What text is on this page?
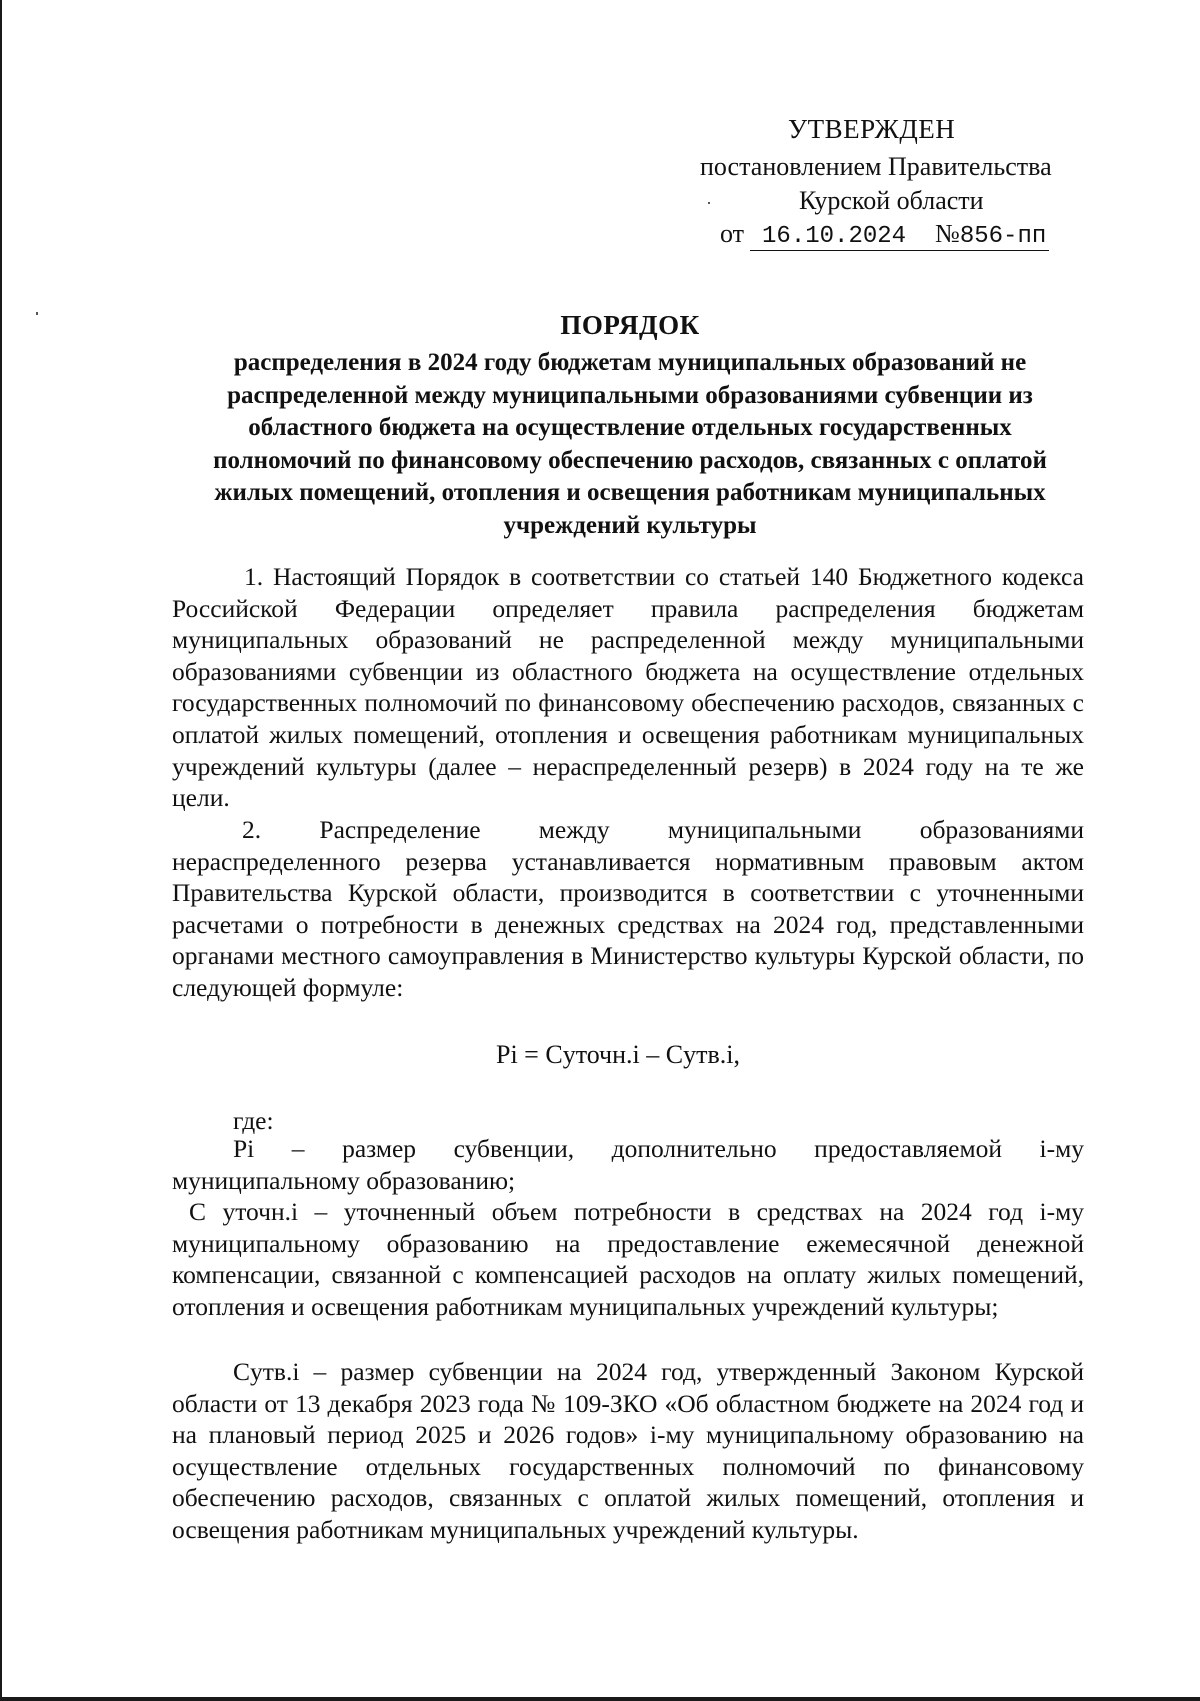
УТВЕРЖДЕН
постановлением Правительства
Курской области
от 16.10.2024 №856-пп
ПОРЯДОК
распределения в 2024 году бюджетам муниципальных образований не распределенной между муниципальными образованиями субвенции из областного бюджета на осуществление отдельных государственных полномочий по финансовому обеспечению расходов, связанных с оплатой жилых помещений, отопления и освещения работникам муниципальных учреждений культуры
1. Настоящий Порядок в соответствии со статьей 140 Бюджетного кодекса Российской Федерации определяет правила распределения бюджетам муниципальных образований не распределенной между муниципальными образованиями субвенции из областного бюджета на осуществление отдельных государственных полномочий по финансовому обеспечению расходов, связанных с оплатой жилых помещений, отопления и освещения работникам муниципальных учреждений культуры (далее – нераспределенный резерв) в 2024 году на те же цели.
2. Распределение между муниципальными образованиями нераспределенного резерва устанавливается нормативным правовым актом Правительства Курской области, производится в соответствии с уточненными расчетами о потребности в денежных средствах на 2024 год, представленными органами местного самоуправления в Министерство культуры Курской области, по следующей формуле:
Pi = Cуточн.i – Cутв.i,
где:
Pi – размер субвенции, дополнительно предоставляемой i-му муниципальному образованию;
C уточн.i – уточненный объем потребности в средствах на 2024 год i-му муниципальному образованию на предоставление ежемесячной денежной компенсации, связанной с компенсацией расходов на оплату жилых помещений, отопления и освещения работникам муниципальных учреждений культуры;
Cутв.i – размер субвенции на 2024 год, утвержденный Законом Курской области от 13 декабря 2023 года № 109-ЗКО «Об областном бюджете на 2024 год и на плановый период 2025 и 2026 годов» i-му муниципальному образованию на осуществление отдельных государственных полномочий по финансовому обеспечению расходов, связанных с оплатой жилых помещений, отопления и освещения работникам муниципальных учреждений культуры.
